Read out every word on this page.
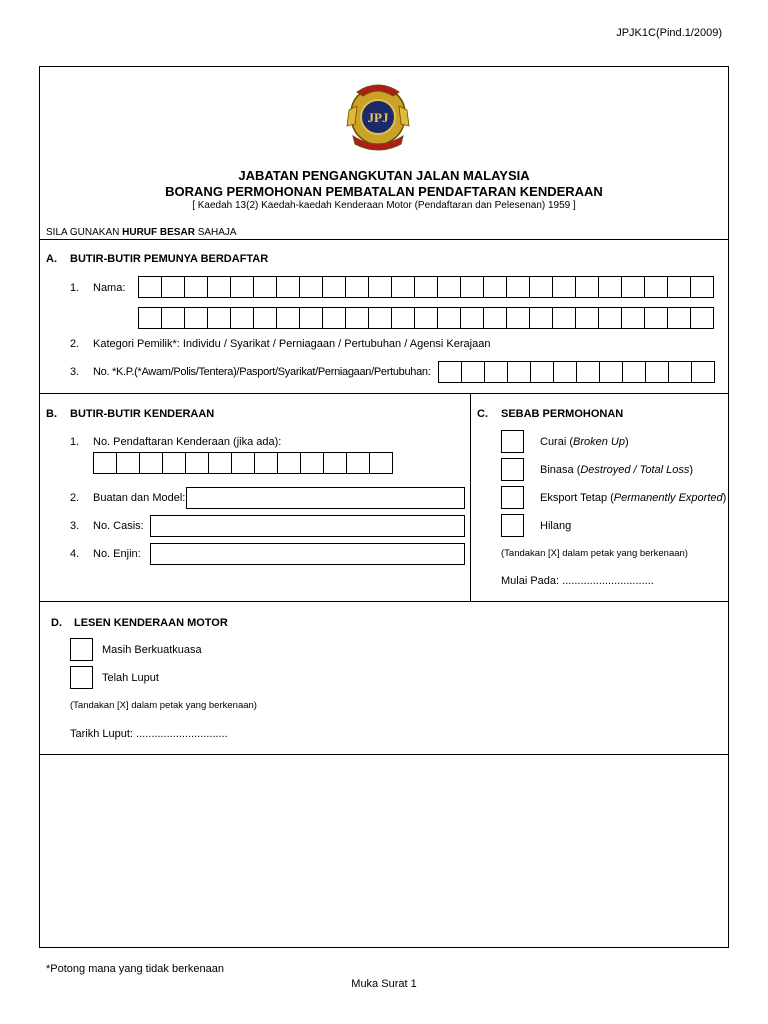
JPJK1C(Pind.1/2009)
JPJ
JABATAN PENGANGKUTAN JALAN MALAYSIA
BORANG PERMOHONAN PEMBATALAN PENDAFTARAN KENDERAAN
[ Kaedah 13(2) Kaedah-kaedah Kenderaan Motor (Pendaftaran dan Pelesenan) 1959 ]
SILA GUNAKAN HURUF BESAR SAHAJA
A. BUTIR-BUTIR PEMUNYA BERDAFTAR
1. Nama:
2. Kategori Pemilik*: Individu / Syarikat / Perniagaan / Pertubuhan / Agensi Kerajaan
3. No. *K.P.(*Awam/Polis/Tentera)/Pasport/Syarikat/Perniagaan/Pertubuhan:
B. BUTIR-BUTIR KENDERAAN
1. No. Pendaftaran Kenderaan (jika ada):
2. Buatan dan Model:
3. No. Casis:
4. No. Enjin:
C. SEBAB PERMOHONAN
Curai (Broken Up)
Binasa (Destroyed / Total Loss)
Eksport Tetap (Permanently Exported)
Hilang
(Tandakan [X] dalam petak yang berkenaan)
Mulai Pada: ..............................
D. LESEN KENDERAAN MOTOR
Masih Berkuatkuasa
Telah Luput
(Tandakan [X] dalam petak yang berkenaan)
Tarikh Luput: ..............................
*Potong mana yang tidak berkenaan
Muka Surat 1
